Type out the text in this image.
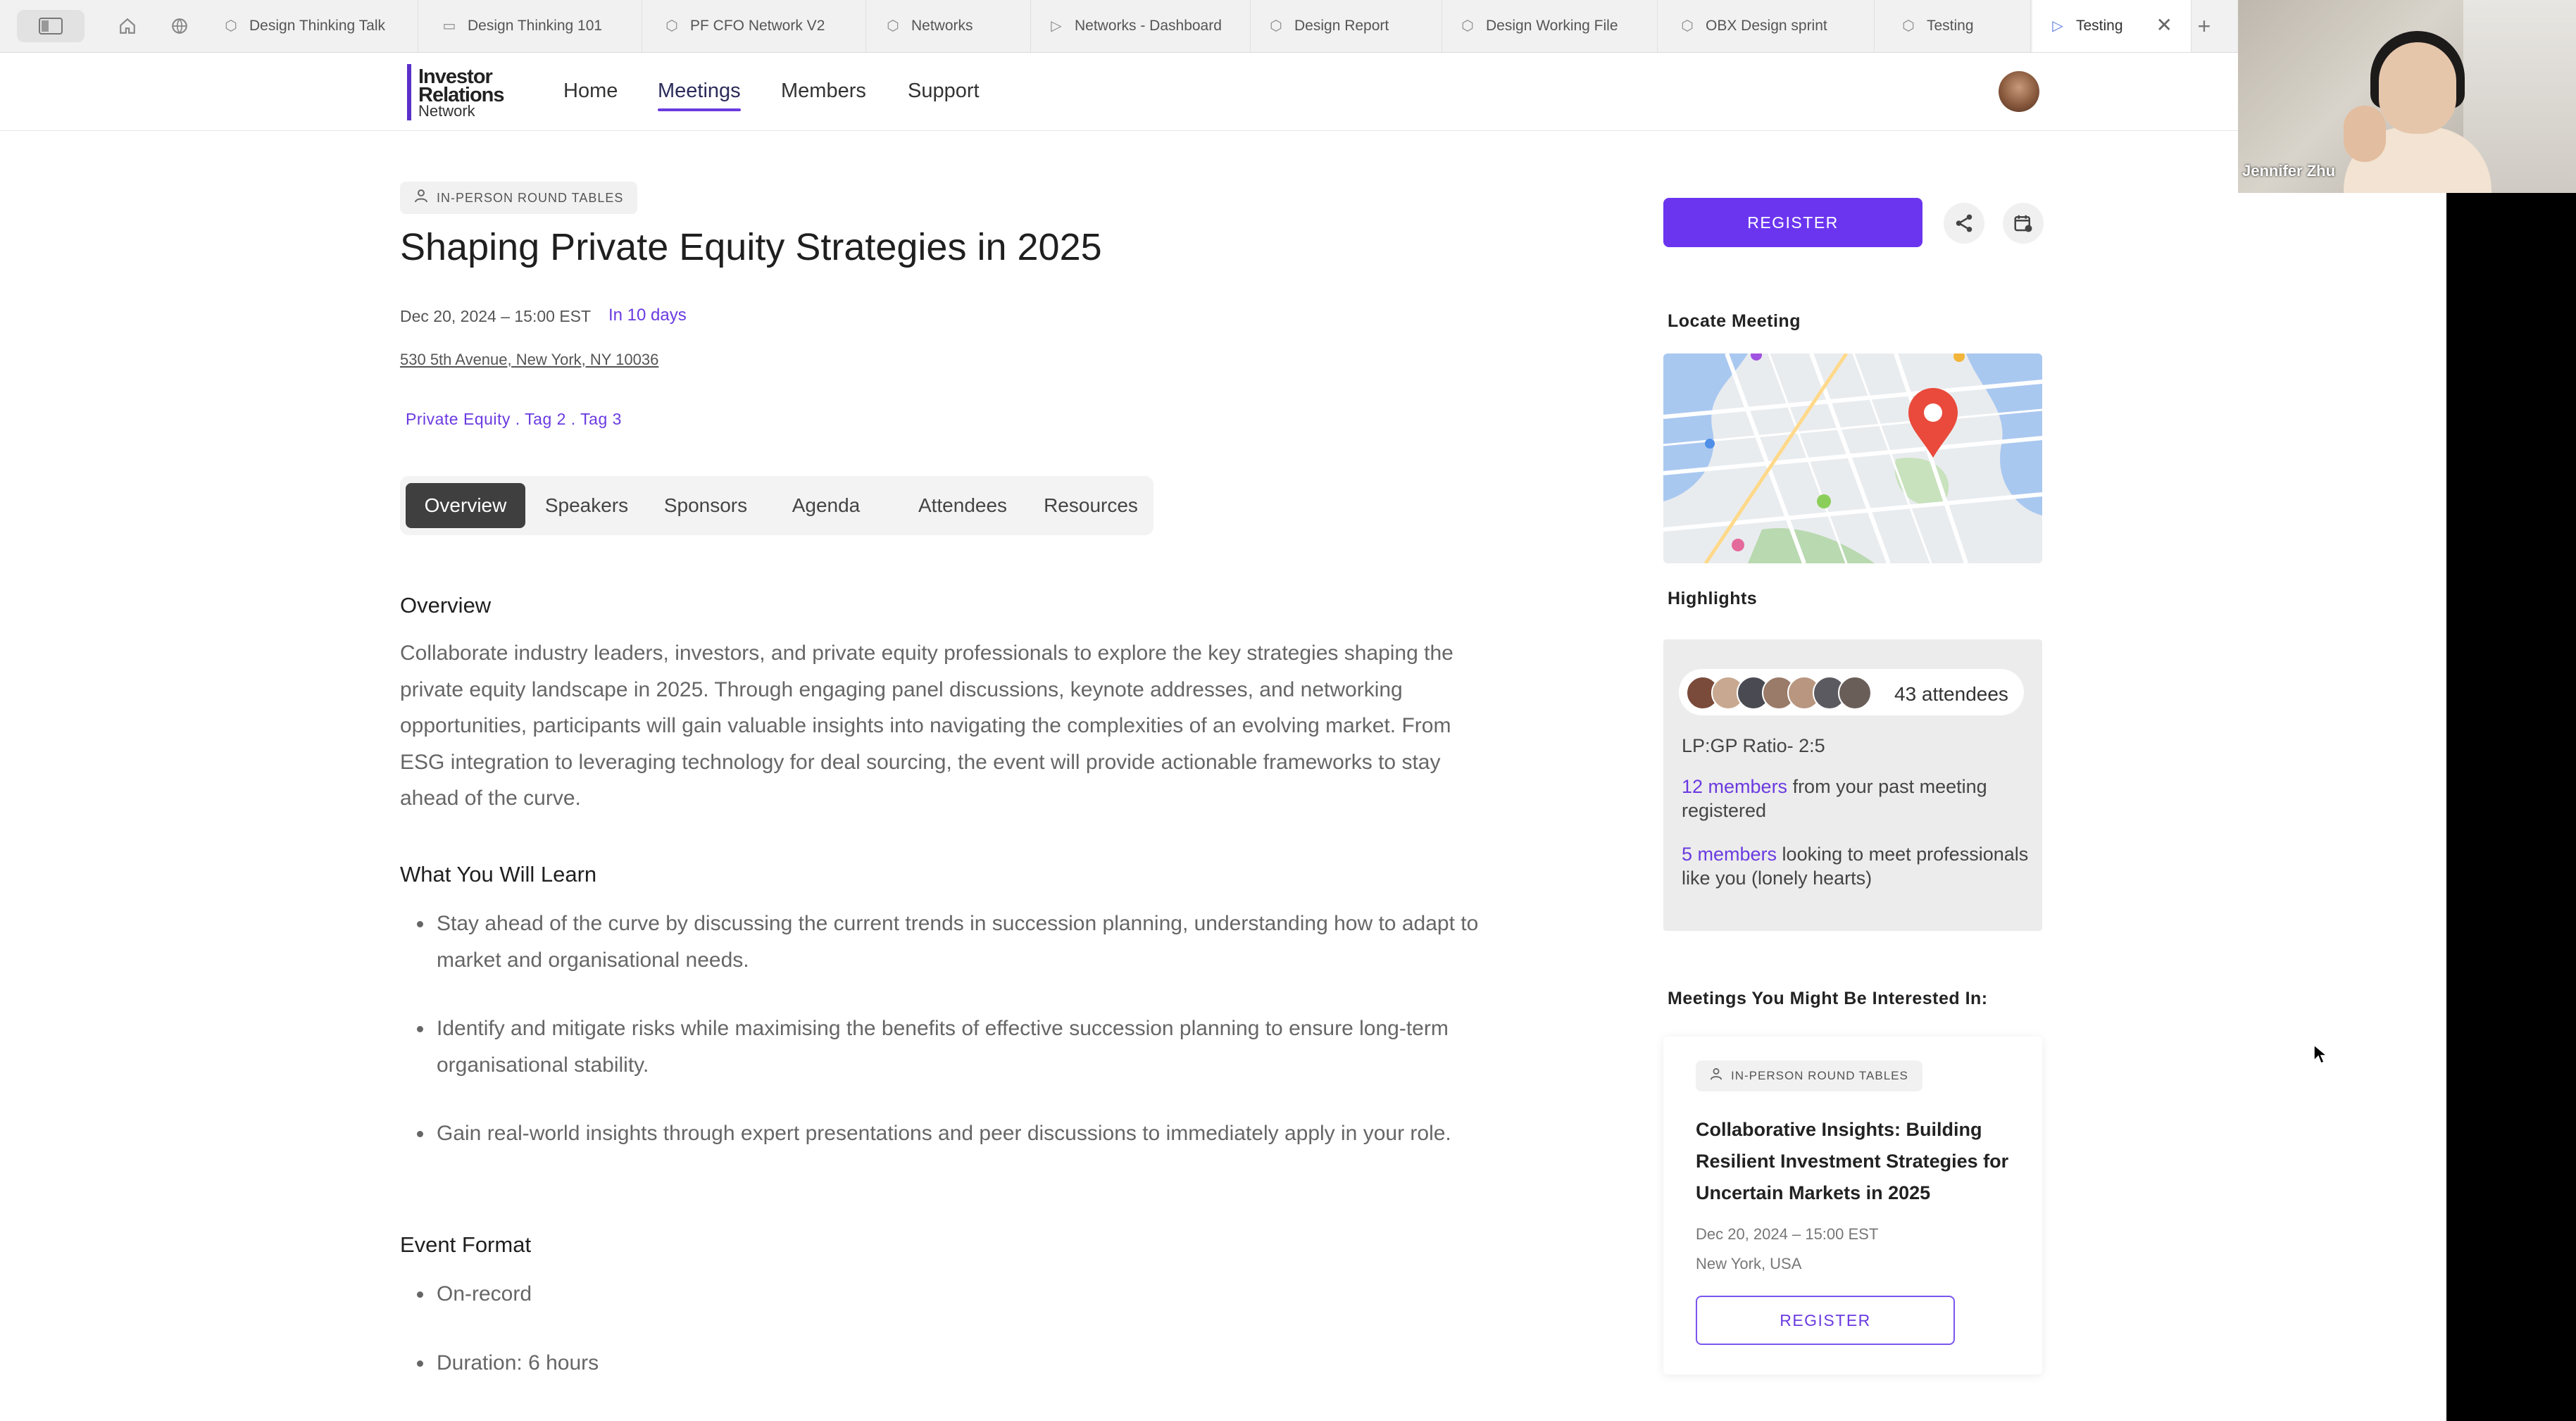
⬡ Design Thinking Talk	▭ Design Thinking 101	⬡ PF CFO Network V2	⬡ Networks	▷ Networks - Dashboard	⬡ Design Report	⬡ Design Working File	⬡ OBX Design sprint	⬡ Testing	▷ Testing ✕	+
Investor
Relations
Network
Home Meetings Members Support
IN-PERSON ROUND TABLES
Shaping Private Equity Strategies in 2025
Dec 20, 2024 – 15:00 EST In 10 days
530 5th Avenue, New York, NY 10036
Private Equity . Tag 2 . Tag 3
Overview	Speakers	Sponsors	Agenda	Attendees	Resources
Overview
Collaborate industry leaders, investors, and private equity professionals to explore the key strategies shaping the private equity landscape in 2025. Through engaging panel discussions, keynote addresses, and networking opportunities, participants will gain valuable insights into navigating the complexities of an evolving market. From ESG integration to leveraging technology for deal sourcing, the event will provide actionable frameworks to stay ahead of the curve.
What You Will Learn
Stay ahead of the curve by discussing the current trends in succession planning, understanding how to adapt to market and organisational needs.
Identify and mitigate risks while maximising the benefits of effective succession planning to ensure long-term organisational stability.
Gain real-world insights through expert presentations and peer discussions to immediately apply in your role.
Event Format
On-record
Duration: 6 hours
REGISTER
Locate Meeting
Highlights
43 attendees
LP:GP Ratio- 2:5
12 members from your past meeting registered
5 members looking to meet professionals like you (lonely hearts)
Meetings You Might Be Interested In:
IN-PERSON ROUND TABLES
Collaborative Insights: Building Resilient Investment Strategies for Uncertain Markets in 2025
Dec 20, 2024 – 15:00 EST
New York, USA
REGISTER
Jennifer Zhu
